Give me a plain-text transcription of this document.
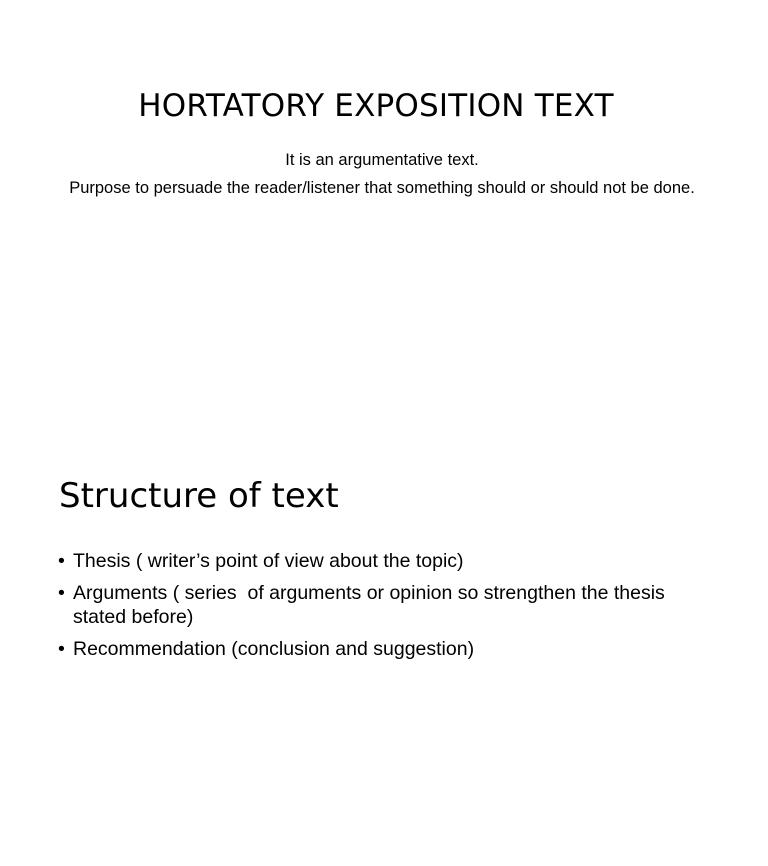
HORTATORY EXPOSITION TEXT
It is an argumentative text.
Purpose to persuade the reader/listener that something should or should not be done.
Structure of text
• Thesis ( writer’s point of view about the topic)
• Arguments ( series  of arguments or opinion so strengthen the thesis stated before)
• Recommendation (conclusion and suggestion)
